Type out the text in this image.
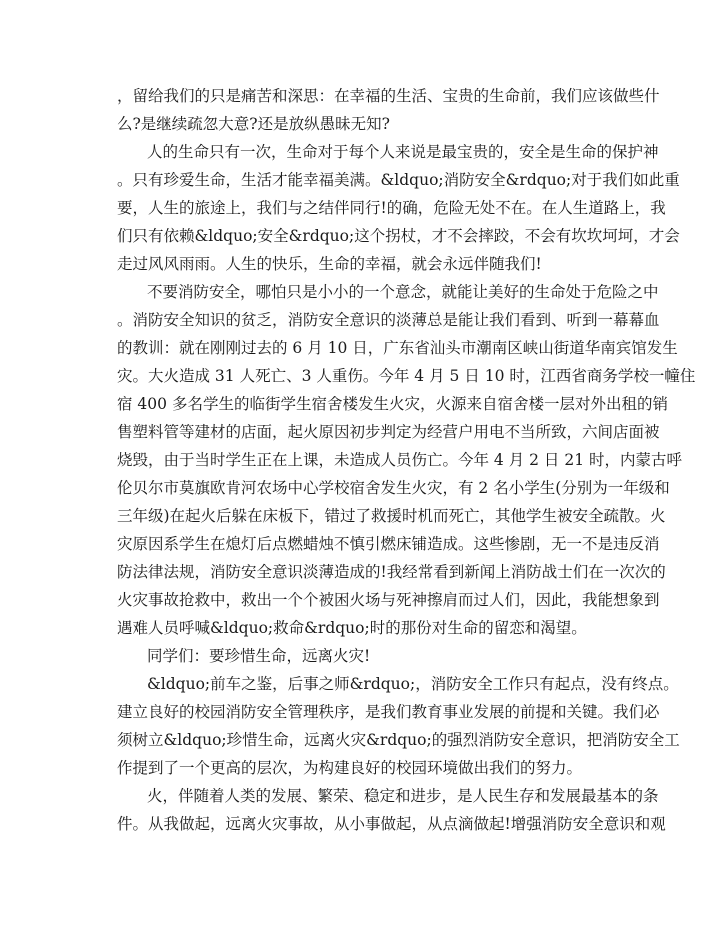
，留给我们的只是痛苦和深思：在幸福的生活、宝贵的生命前，我们应该做些什
么?是继续疏忽大意?还是放纵愚昧无知?
人的生命只有一次，生命对于每个人来说是最宝贵的，安全是生命的保护神
。只有珍爱生命，生活才能幸福美满。&ldquo;消防安全&rdquo;对于我们如此重
要，人生的旅途上，我们与之结伴同行!的确，危险无处不在。在人生道路上，我
们只有依赖&ldquo;安全&rdquo;这个拐杖，才不会摔跤，不会有坎坎坷坷，才会
走过风风雨雨。人生的快乐，生命的幸福，就会永远伴随我们!
不要消防安全，哪怕只是小小的一个意念，就能让美好的生命处于危险之中
。消防安全知识的贫乏，消防安全意识的淡薄总是能让我们看到、听到一幕幕血
的教训：就在刚刚过去的 6 月 10 日，广东省汕头市潮南区峡山街道华南宾馆发生
灾。大火造成 31 人死亡、3 人重伤。今年 4 月 5 日 10 时，江西省商务学校一幢住
宿 400 多名学生的临街学生宿舍楼发生火灾，火源来自宿舍楼一层对外出租的销
售塑料管等建材的店面，起火原因初步判定为经营户用电不当所致，六间店面被
烧毁，由于当时学生正在上课，未造成人员伤亡。今年 4 月 2 日 21 时，内蒙古呼
伦贝尔市莫旗欧肯河农场中心学校宿舍发生火灾，有 2 名小学生(分别为一年级和
三年级)在起火后躲在床板下，错过了救援时机而死亡，其他学生被安全疏散。火
灾原因系学生在熄灯后点燃蜡烛不慎引燃床铺造成。这些惨剧，无一不是违反消
防法律法规，消防安全意识淡薄造成的!我经常看到新闻上消防战士们在一次次的
火灾事故抢救中，救出一个个被困火场与死神擦肩而过人们，因此，我能想象到
遇难人员呼喊&ldquo;救命&rdquo;时的那份对生命的留恋和渴望。
同学们：要珍惜生命，远离火灾!
&ldquo;前车之鉴，后事之师&rdquo;，消防安全工作只有起点，没有终点。
建立良好的校园消防安全管理秩序，是我们教育事业发展的前提和关键。我们必
须树立&ldquo;珍惜生命，远离火灾&rdquo;的强烈消防安全意识，把消防安全工
作提到了一个更高的层次，为构建良好的校园环境做出我们的努力。
火，伴随着人类的发展、繁荣、稳定和进步，是人民生存和发展最基本的条
件。从我做起，远离火灾事故，从小事做起，从点滴做起!增强消防安全意识和观
